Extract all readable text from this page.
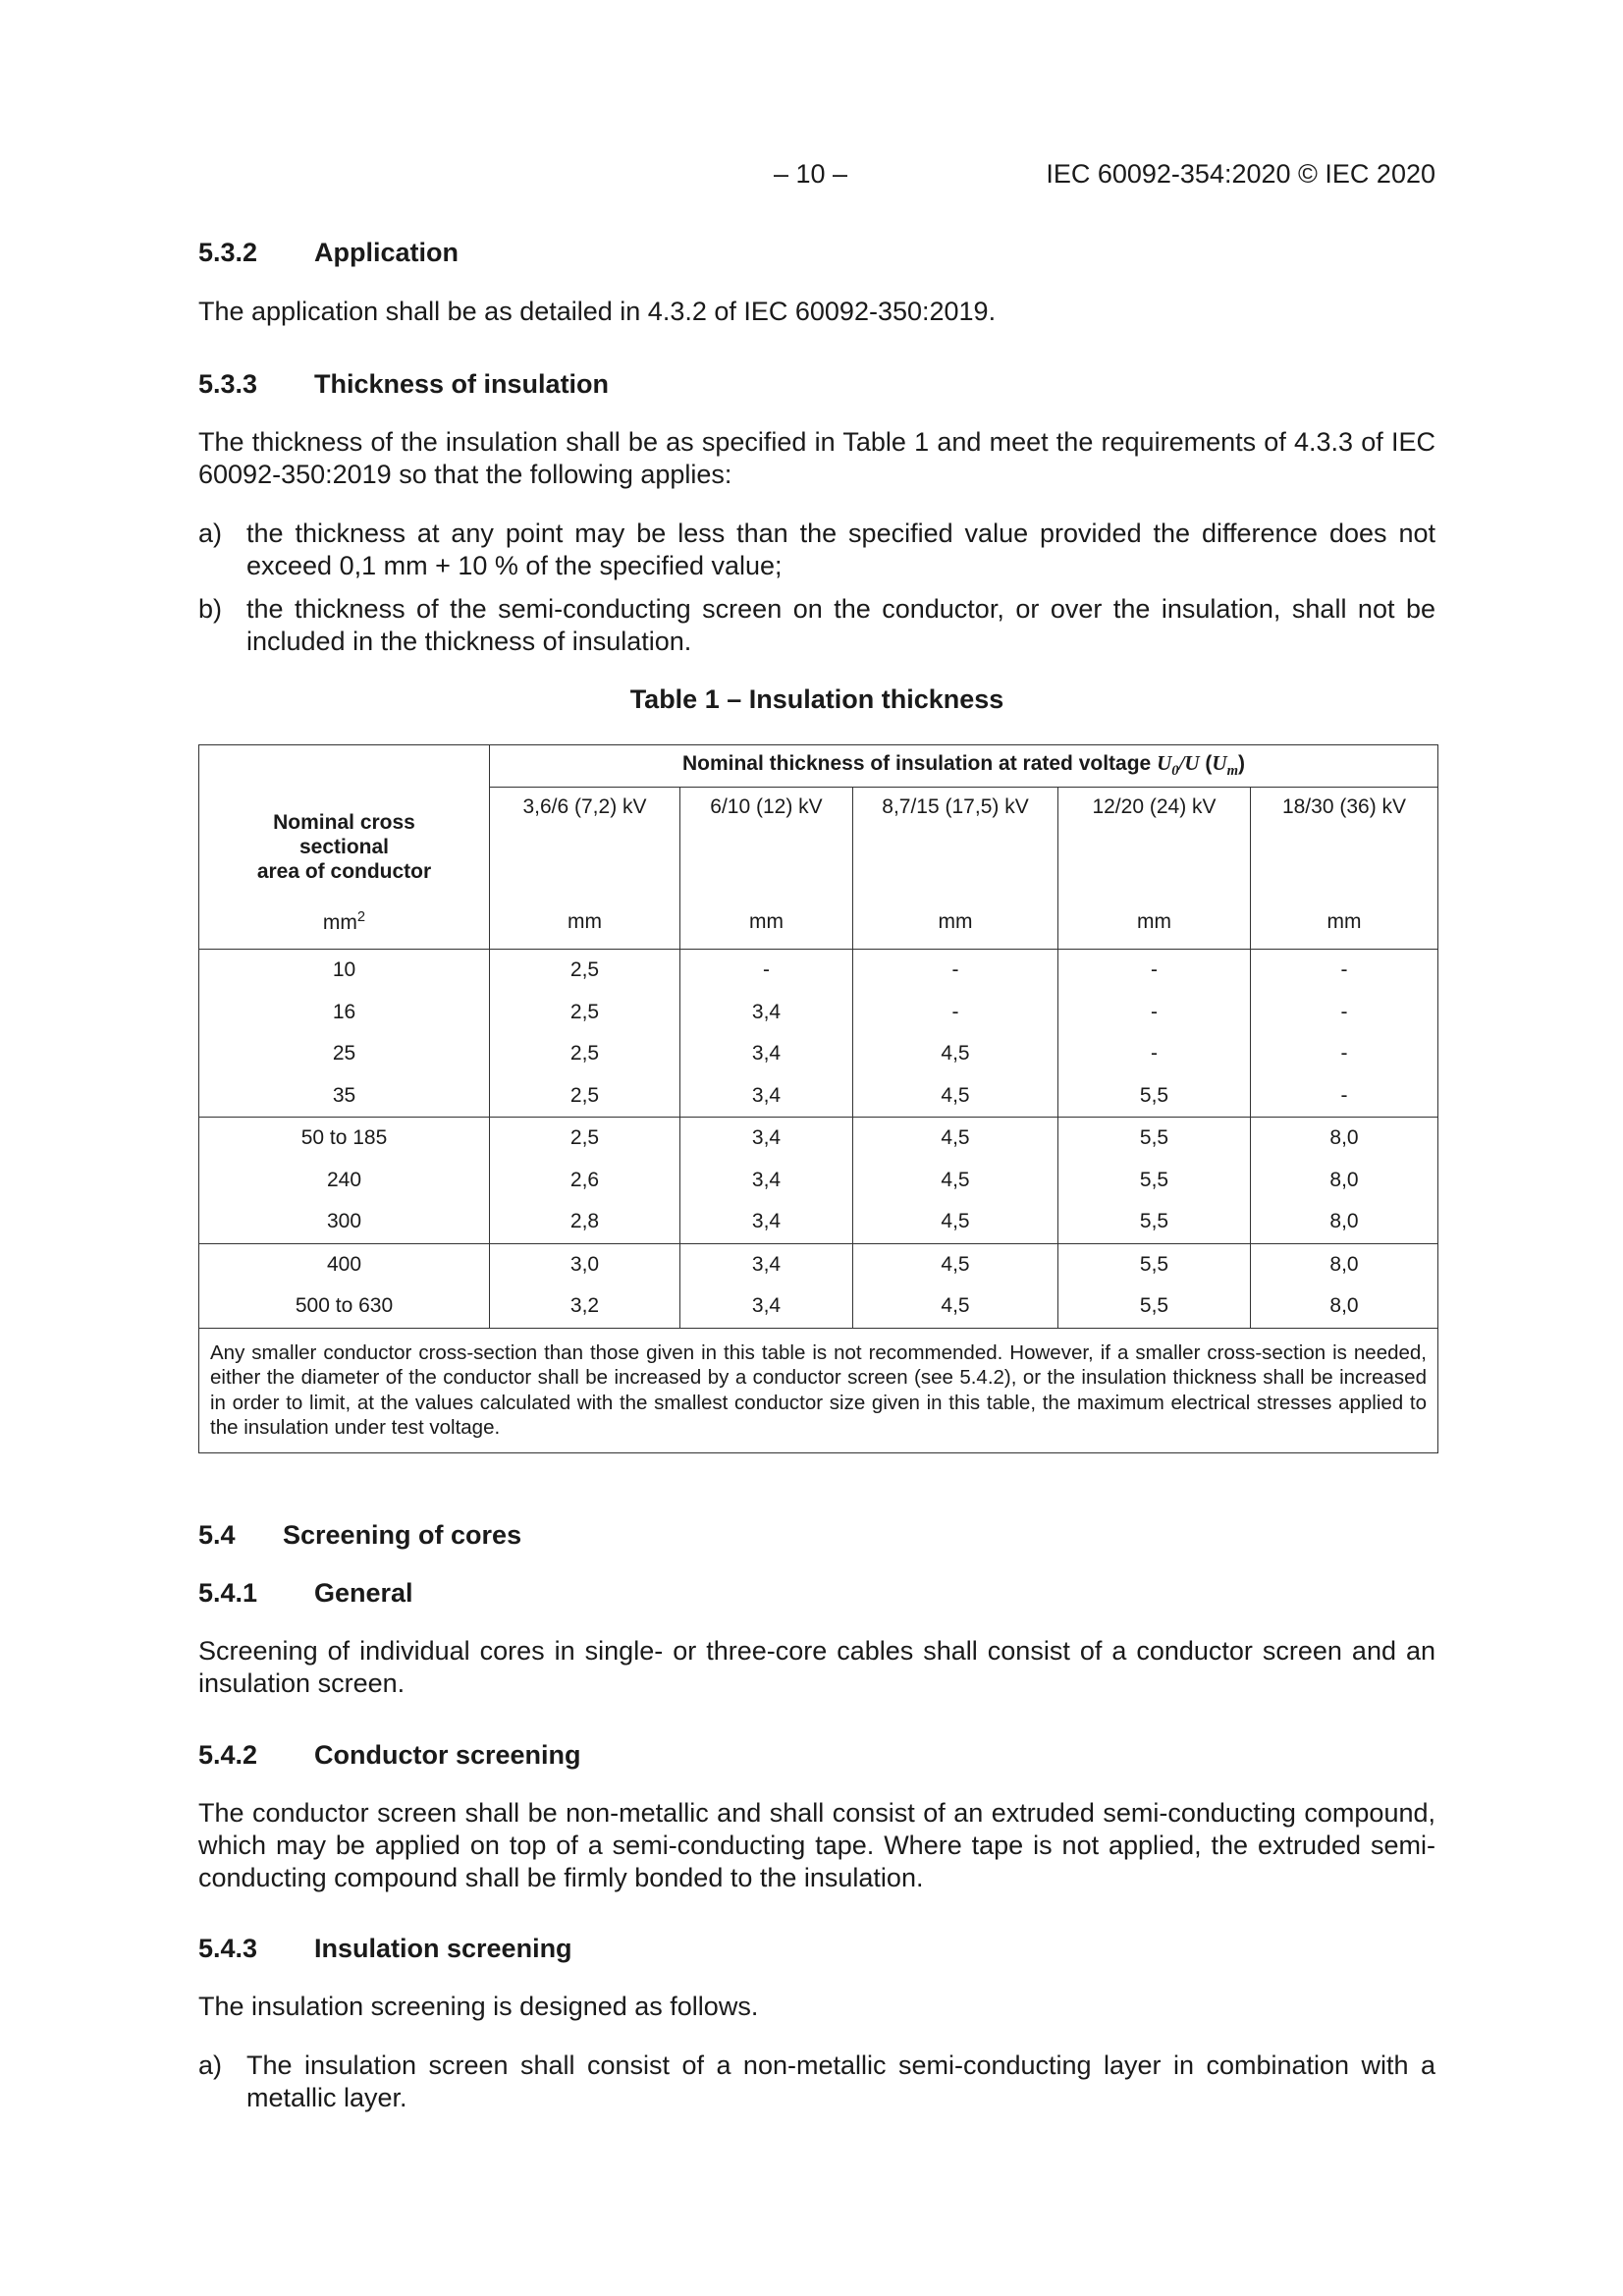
– 10 –	IEC 60092-354:2020 © IEC 2020
5.3.2 Application
The application shall be as detailed in 4.3.2 of IEC 60092-350:2019.
5.3.3 Thickness of insulation
The thickness of the insulation shall be as specified in Table 1 and meet the requirements of 4.3.3 of IEC 60092-350:2019 so that the following applies:
a) the thickness at any point may be less than the specified value provided the difference does not exceed 0,1 mm + 10 % of the specified value;
b) the thickness of the semi-conducting screen on the conductor, or over the insulation, shall not be included in the thickness of insulation.
Table 1 – Insulation thickness
Nominal cross
sectional
area of conductor	Nominal thickness of insulation at rated voltage $U_0/U$ $(U_m)$				
	3,6/6 (7,2) kV	6/10 (12) kV	8,7/15 (17,5) kV	12/20 (24) kV	18/30 (36) kV

$mm^2$	mm	mm	mm	mm	mm
10	2,5	-	-	-	-
16	2,5	3,4	-	-	-
25	2,5	3,4	4,5	-	-
35	2,5	3,4	4,5	5,5	-
50 to 185	2,5	3,4	4,5	5,5	8,0
240	2,6	3,4	4,5	5,5	8,0
300	2,8	3,4	4,5	5,5	8,0
400	3,0	3,4	4,5	5,5	8,0
500 to 630	3,2	3,4	4,5	5,5	8,0
Any smaller conductor cross-section than those given in this table is not recommended. However, if a smaller cross-section is needed, either the diameter of the conductor shall be increased by a conductor screen (see 5.4.2), or the insulation thickness shall be increased in order to limit, at the values calculated with the smallest conductor size given in this table, the maximum electrical stresses applied to the insulation under test voltage.					
5.4 Screening of cores
5.4.1 General
Screening of individual cores in single- or three-core cables shall consist of a conductor screen and an insulation screen.
5.4.2 Conductor screening
The conductor screen shall be non-metallic and shall consist of an extruded semi-conducting compound, which may be applied on top of a semi-conducting tape. Where tape is not applied, the extruded semi-conducting compound shall be firmly bonded to the insulation.
5.4.3 Insulation screening
The insulation screening is designed as follows.
a) The insulation screen shall consist of a non-metallic semi-conducting layer in combination with a metallic layer.
